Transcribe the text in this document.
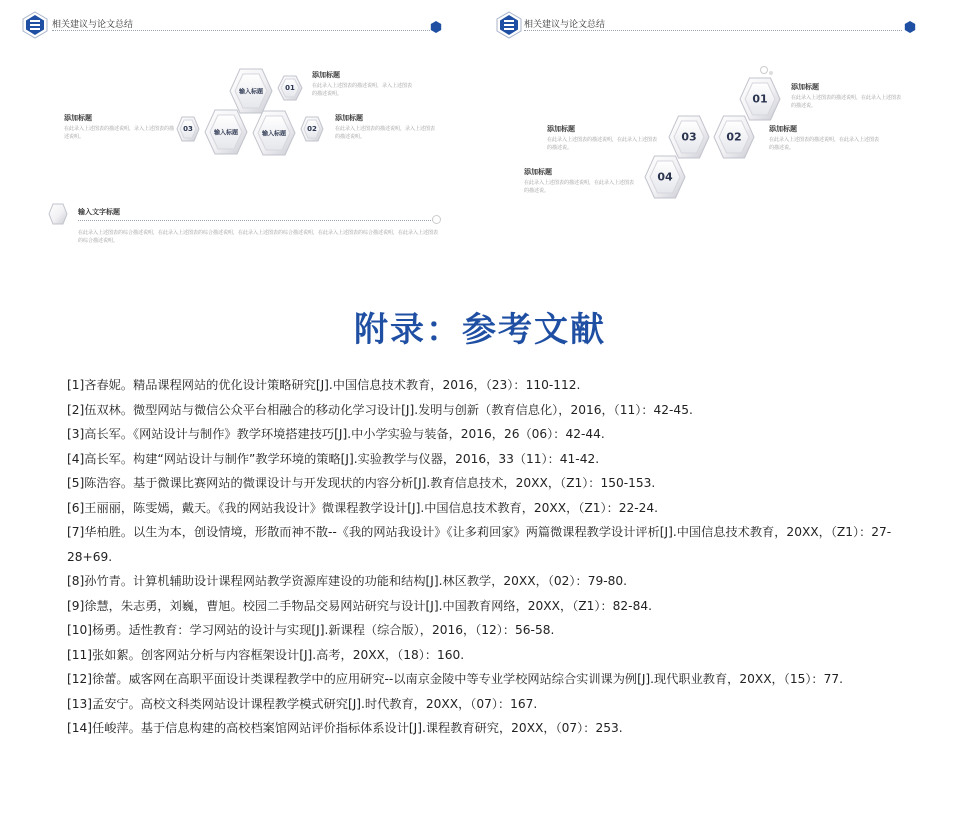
相关建议与论文总结
输入标题	01
输入标题	输入标题
03	02
添加标题
在此录入上述图表的描述说明，录入上述图表的描述说明。
添加标题
在此录入上述图表的描述说明，录入上述图表的描述说明。
添加标题
在此录入上述图表的描述说明，录入上述图表的描述说明。
输入文字标题
在此录入上述图表的综合描述说明，在此录入上述图表的综合描述说明，在此录入上述图表的综合描述说明，在此录入上述图表的综合描述说明，在此录入上述图表的综合描述说明。
相关建议与论文总结
01
03	02
04
添加标题
在此录入上述图表的描述说明，在此录入上述图表的描述说。
添加标题
在此录入上述图表的描述说明，在此录入上述图表的描述说。
添加标题
在此录入上述图表的描述说明，在此录入上述图表的描述说。
添加标题
在此录入上述图表的描述说明，在此录入上述图表的描述说。
附录：参考文献
[1]吝春妮。精品课程网站的优化设计策略研究[J].中国信息技术教育，2016，（23）：110-112.
[2]伍双林。微型网站与微信公众平台相融合的移动化学习设计[J].发明与创新（教育信息化），2016，（11）：42-45.
[3]高长军。《网站设计与制作》教学环境搭建技巧[J].中小学实验与装备，2016，26（06）：42-44.
[4]高长军。构建“网站设计与制作”教学环境的策略[J].实验教学与仪器，2016，33（11）：41-42.
[5]陈浩容。基于微课比赛网站的微课设计与开发现状的内容分析[J].教育信息技术，20XX，（Z1）：150-153.
[6]王丽丽，陈雯嫣，戴天。《我的网站我设计》微课程教学设计[J].中国信息技术教育，20XX，（Z1）：22-24.
[7]华柏胜。以生为本，创设情境，形散而神不散--《我的网站我设计》《让多莉回家》两篇微课程教学设计评析[J].中国信息技术教育，20XX，（Z1）：27-28+69.
[8]孙竹青。计算机辅助设计课程网站教学资源库建设的功能和结构[J].林区教学，20XX，（02）：79-80.
[9]徐慧，朱志勇，刘巍，曹旭。校园二手物品交易网站研究与设计[J].中国教育网络，20XX，（Z1）：82-84.
[10]杨勇。适性教育：学习网站的设计与实现[J].新课程（综合版），2016，（12）：56-58.
[11]张如絮。创客网站分析与内容框架设计[J].高考，20XX，（18）：160.
[12]徐蕾。威客网在高职平面设计类课程教学中的应用研究--以南京金陵中等专业学校网站综合实训课为例[J].现代职业教育，20XX，（15）：77.
[13]孟安宁。高校文科类网站设计课程教学模式研究[J].时代教育，20XX，（07）：167.
[14]任峻萍。基于信息构建的高校档案馆网站评价指标体系设计[J].课程教育研究，20XX，（07）：253.
